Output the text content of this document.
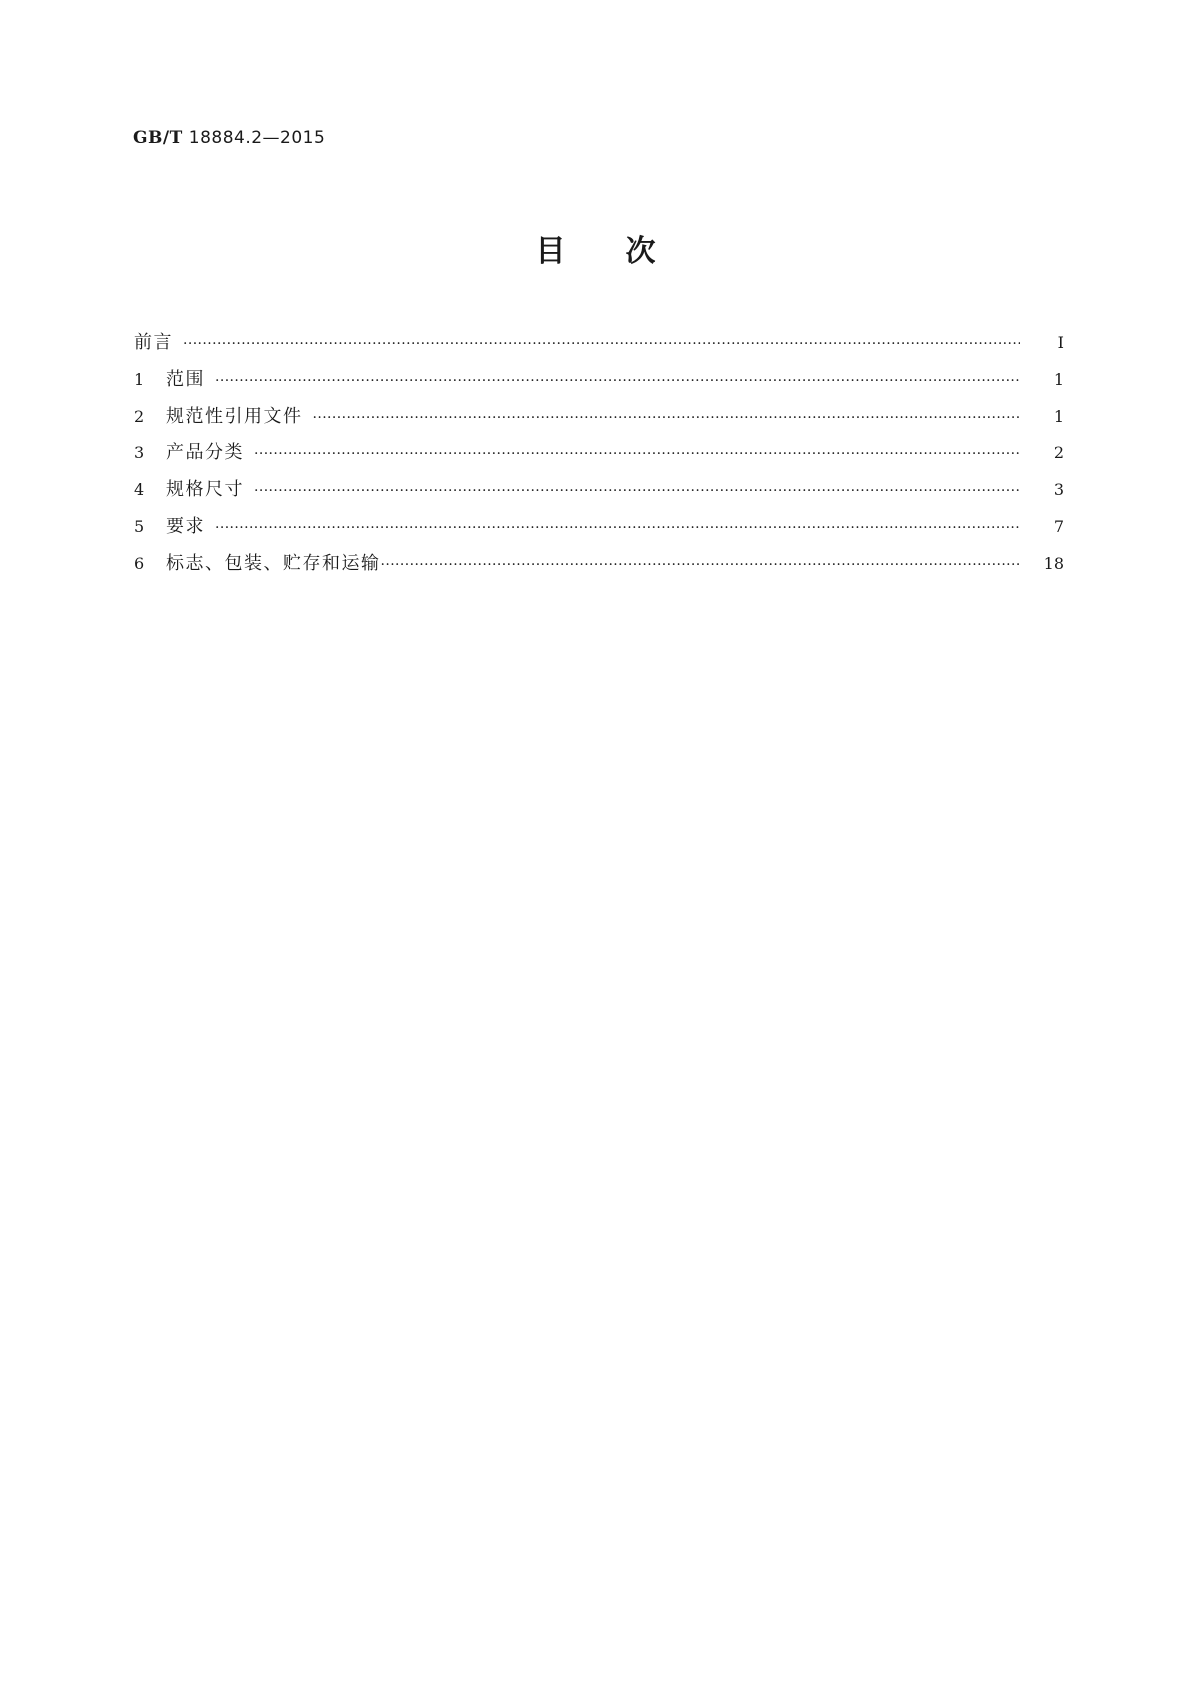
GB/T 18884.2—2015
目 次
前言 ·····	Ⅰ
1	范围 ·····	1
2	规范性引用文件 ·····	1
3	产品分类 ·····	2
4	规格尺寸 ·····	3
5	要求 ·····	7
6	标志、包装、贮存和运输 ·····	18
